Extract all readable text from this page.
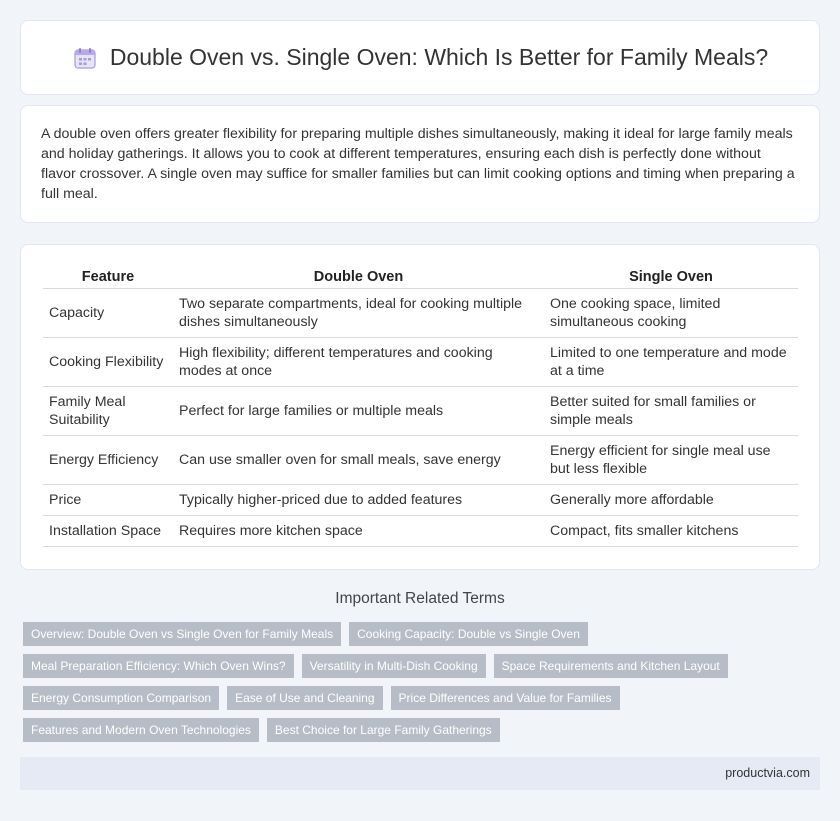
Double Oven vs. Single Oven: Which Is Better for Family Meals?

A double oven offers greater flexibility for preparing multiple dishes simultaneously, making it ideal for large family meals and holiday gatherings. It allows you to cook at different temperatures, ensuring each dish is perfectly done without flavor crossover. A single oven may suffice for smaller families but can limit cooking options and timing when preparing a full meal.

Feature	Double Oven	Single Oven
Capacity	Two separate compartments, ideal for cooking multiple dishes simultaneously	One cooking space, limited simultaneous cooking
Cooking Flexibility	High flexibility; different temperatures and cooking modes at once	Limited to one temperature and mode at a time
Family Meal Suitability	Perfect for large families or multiple meals	Better suited for small families or simple meals
Energy Efficiency	Can use smaller oven for small meals, save energy	Energy efficient for single meal use but less flexible
Price	Typically higher-priced due to added features	Generally more affordable
Installation Space	Requires more kitchen space	Compact, fits smaller kitchens
Important Related Terms
Overview: Double Oven vs Single Oven for Family Meals	Cooking Capacity: Double vs Single Oven
Meal Preparation Efficiency: Which Oven Wins?	Versatility in Multi-Dish Cooking	Space Requirements and Kitchen Layout
Energy Consumption Comparison	Ease of Use and Cleaning	Price Differences and Value for Families
Features and Modern Oven Technologies	Best Choice for Large Family Gatherings
productvia.com
